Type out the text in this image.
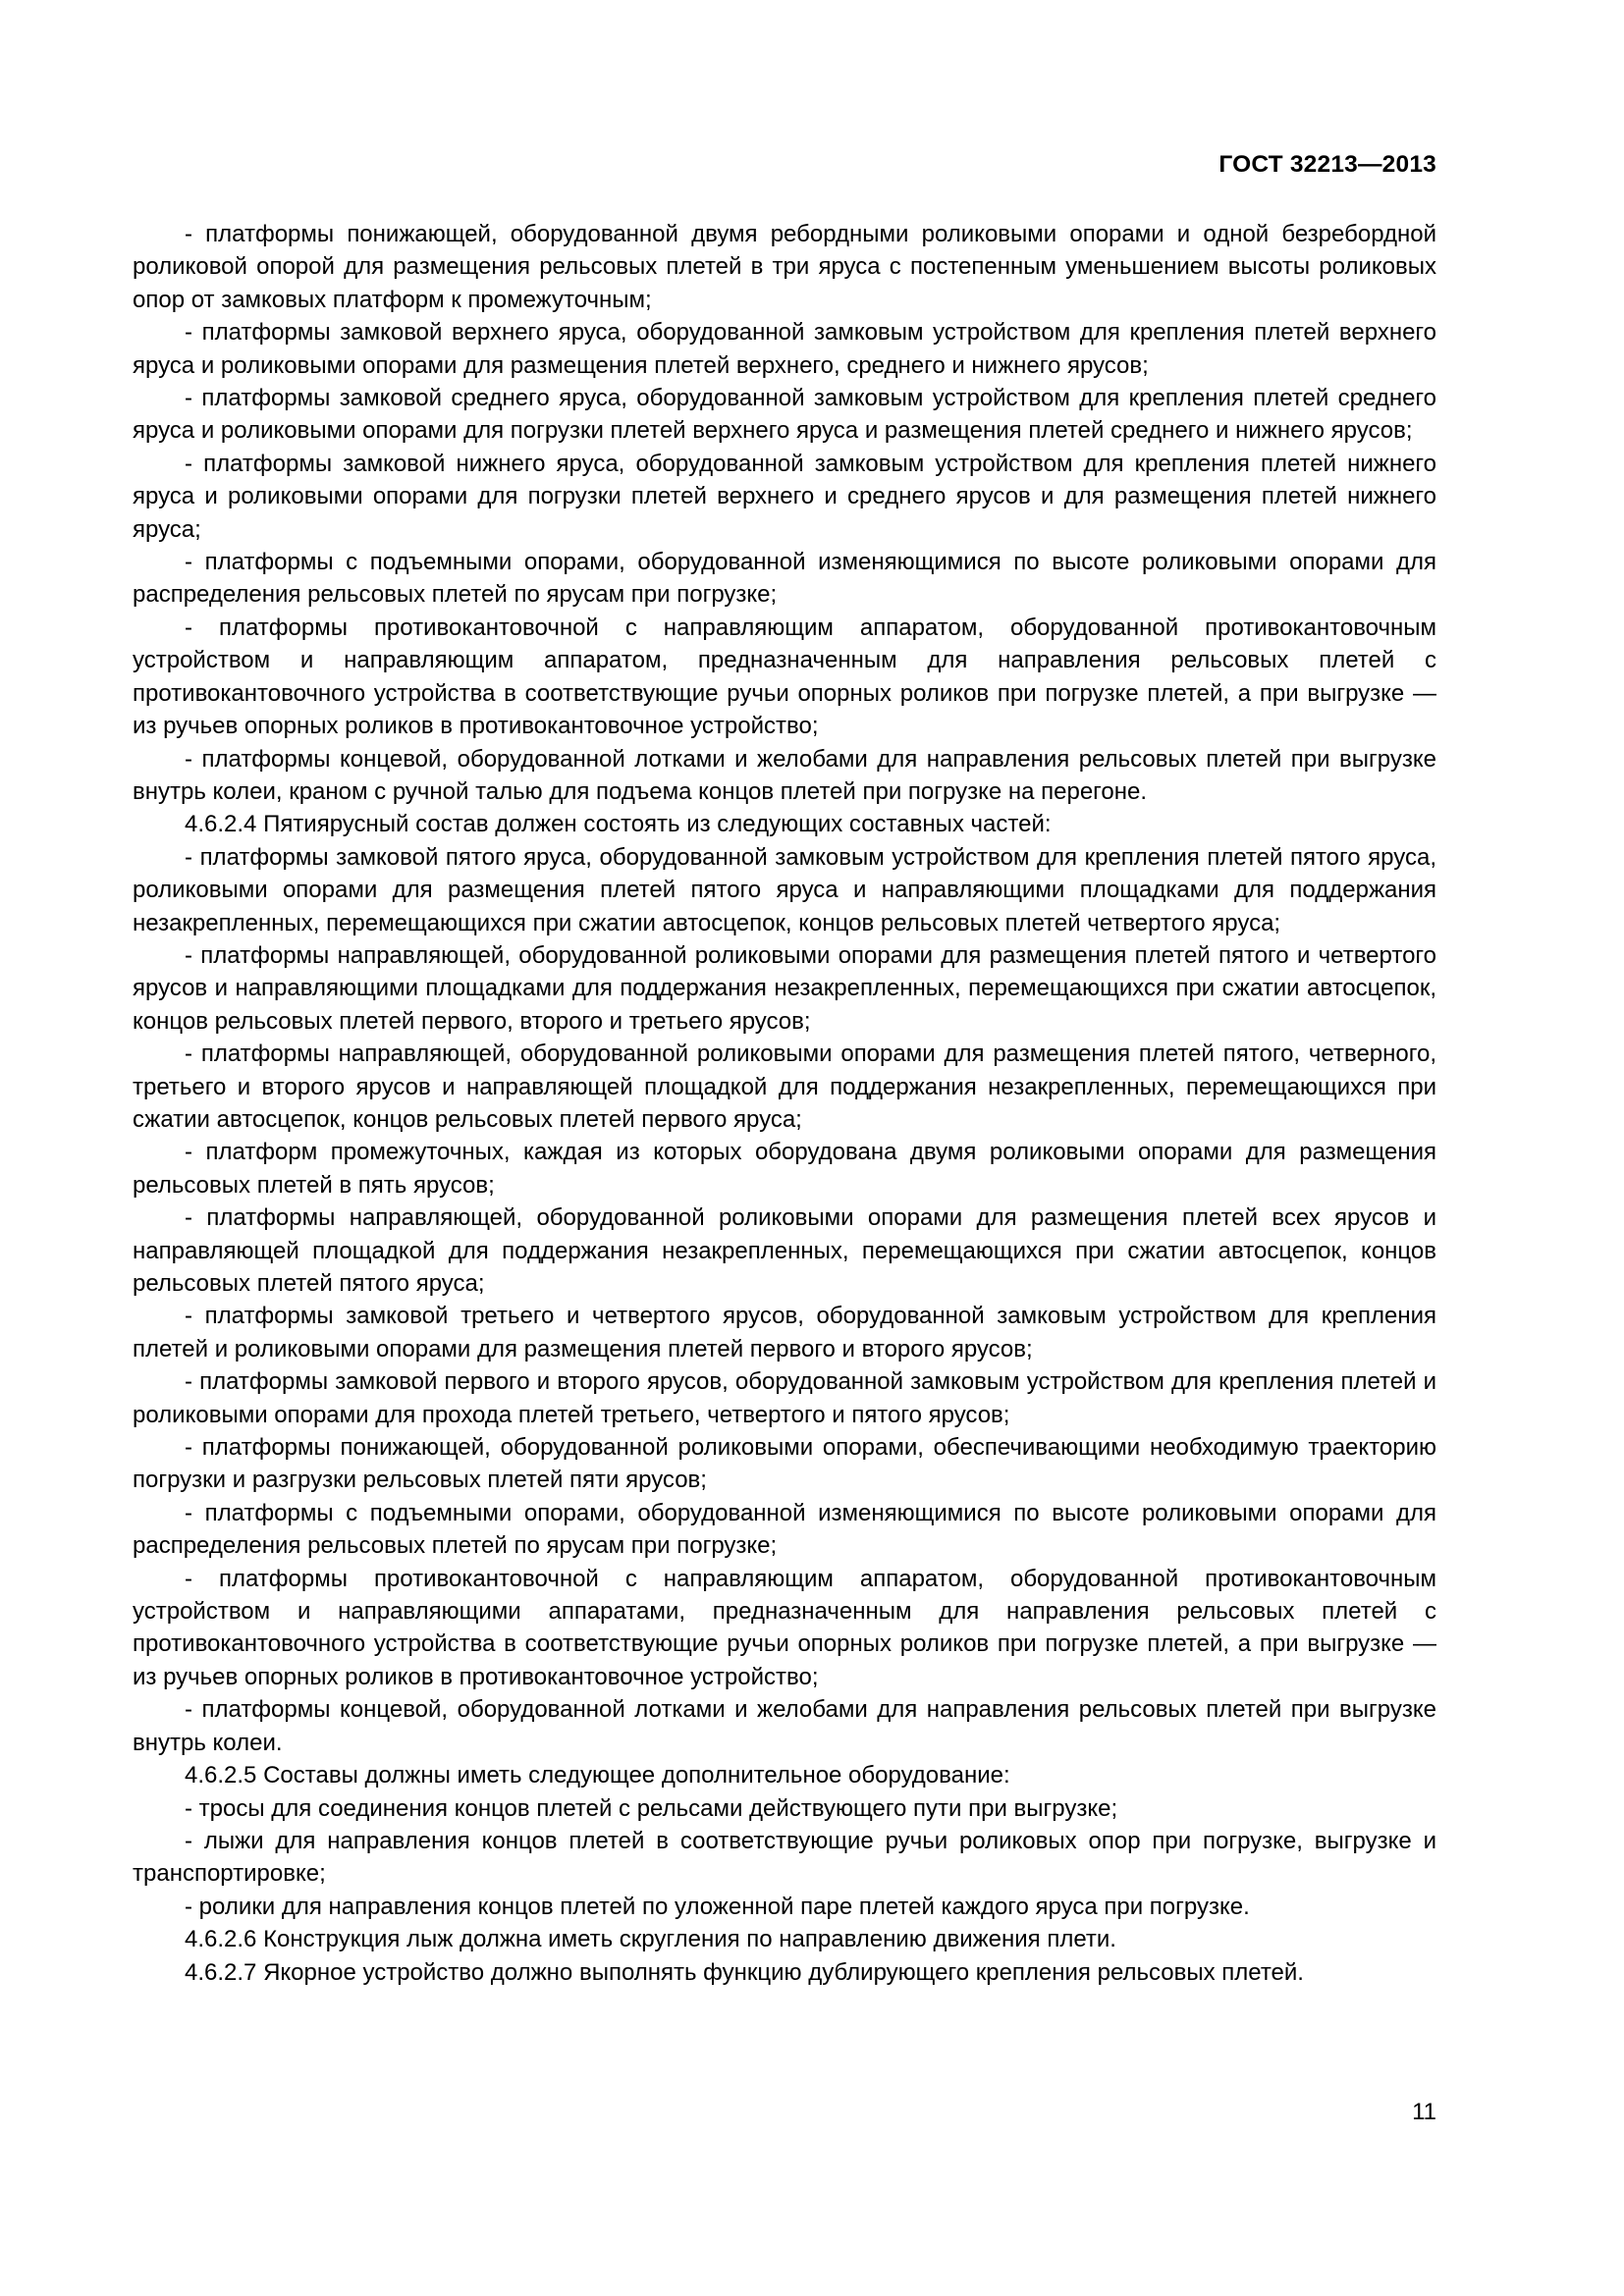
ГОСТ 32213—2013

- платформы понижающей, оборудованной двумя ребордными роликовыми опорами и одной безребордной роликовой опорой для размещения рельсовых плетей в три яруса с постепенным уменьшением высоты роликовых опор от замковых платформ к промежуточным;

- платформы замковой верхнего яруса, оборудованной замковым устройством для крепления плетей верхнего яруса и роликовыми опорами для размещения плетей верхнего, среднего и нижнего ярусов;

- платформы замковой среднего яруса, оборудованной замковым устройством для крепления плетей среднего яруса и роликовыми опорами для погрузки плетей верхнего яруса и размещения плетей среднего и нижнего ярусов;

- платформы замковой нижнего яруса, оборудованной замковым устройством для крепления плетей нижнего яруса и роликовыми опорами для погрузки плетей верхнего и среднего ярусов и для размещения плетей нижнего яруса;

- платформы с подъемными опорами, оборудованной изменяющимися по высоте роликовыми опорами для распределения рельсовых плетей по ярусам при погрузке;

- платформы противокантовочной с направляющим аппаратом, оборудованной противокантовочным устройством и направляющим аппаратом, предназначенным для направления рельсовых плетей с противокантовочного устройства в соответствующие ручьи опорных роликов при погрузке плетей, а при выгрузке — из ручьев опорных роликов в противокантовочное устройство;

- платформы концевой, оборудованной лотками и желобами для направления рельсовых плетей при выгрузке внутрь колеи, краном с ручной талью для подъема концов плетей при погрузке на перегоне.

4.6.2.4 Пятиярусный состав должен состоять из следующих составных частей:

- платформы замковой пятого яруса, оборудованной замковым устройством для крепления плетей пятого яруса, роликовыми опорами для размещения плетей пятого яруса и направляющими площадками для поддержания незакрепленных, перемещающихся при сжатии автосцепок, концов рельсовых плетей четвертого яруса;

- платформы направляющей, оборудованной роликовыми опорами для размещения плетей пятого и четвертого ярусов и направляющими площадками для поддержания незакрепленных, перемещающихся при сжатии автосцепок, концов рельсовых плетей первого, второго и третьего ярусов;

- платформы направляющей, оборудованной роликовыми опорами для размещения плетей пятого, четверного, третьего и второго ярусов и направляющей площадкой для поддержания незакрепленных, перемещающихся при сжатии автосцепок, концов рельсовых плетей первого яруса;

- платформ промежуточных, каждая из которых оборудована двумя роликовыми опорами для размещения рельсовых плетей в пять ярусов;

- платформы направляющей, оборудованной роликовыми опорами для размещения плетей всех ярусов и направляющей площадкой для поддержания незакрепленных, перемещающихся при сжатии автосцепок, концов рельсовых плетей пятого яруса;

- платформы замковой третьего и четвертого ярусов, оборудованной замковым устройством для крепления плетей и роликовыми опорами для размещения плетей первого и второго ярусов;

- платформы замковой первого и второго ярусов, оборудованной замковым устройством для крепления плетей и роликовыми опорами для прохода плетей третьего, четвертого и пятого ярусов;

- платформы понижающей, оборудованной роликовыми опорами, обеспечивающими необходимую траекторию погрузки и разгрузки рельсовых плетей пяти ярусов;

- платформы с подъемными опорами, оборудованной изменяющимися по высоте роликовыми опорами для распределения рельсовых плетей по ярусам при погрузке;

- платформы противокантовочной с направляющим аппаратом, оборудованной противокантовочным устройством и направляющими аппаратами, предназначенным для направления рельсовых плетей с противокантовочного устройства в соответствующие ручьи опорных роликов при погрузке плетей, а при выгрузке — из ручьев опорных роликов в противокантовочное устройство;

- платформы концевой, оборудованной лотками и желобами для направления рельсовых плетей при выгрузке внутрь колеи.

4.6.2.5 Составы должны иметь следующее дополнительное оборудование:

- тросы для соединения концов плетей с рельсами действующего пути при выгрузке;

- лыжи для направления концов плетей в соответствующие ручьи роликовых опор при погрузке, выгрузке и транспортировке;

- ролики для направления концов плетей по уложенной паре плетей каждого яруса при погрузке.

4.6.2.6 Конструкция лыж должна иметь скругления по направлению движения плети.

4.6.2.7 Якорное устройство должно выполнять функцию дублирующего крепления рельсовых плетей.

11
